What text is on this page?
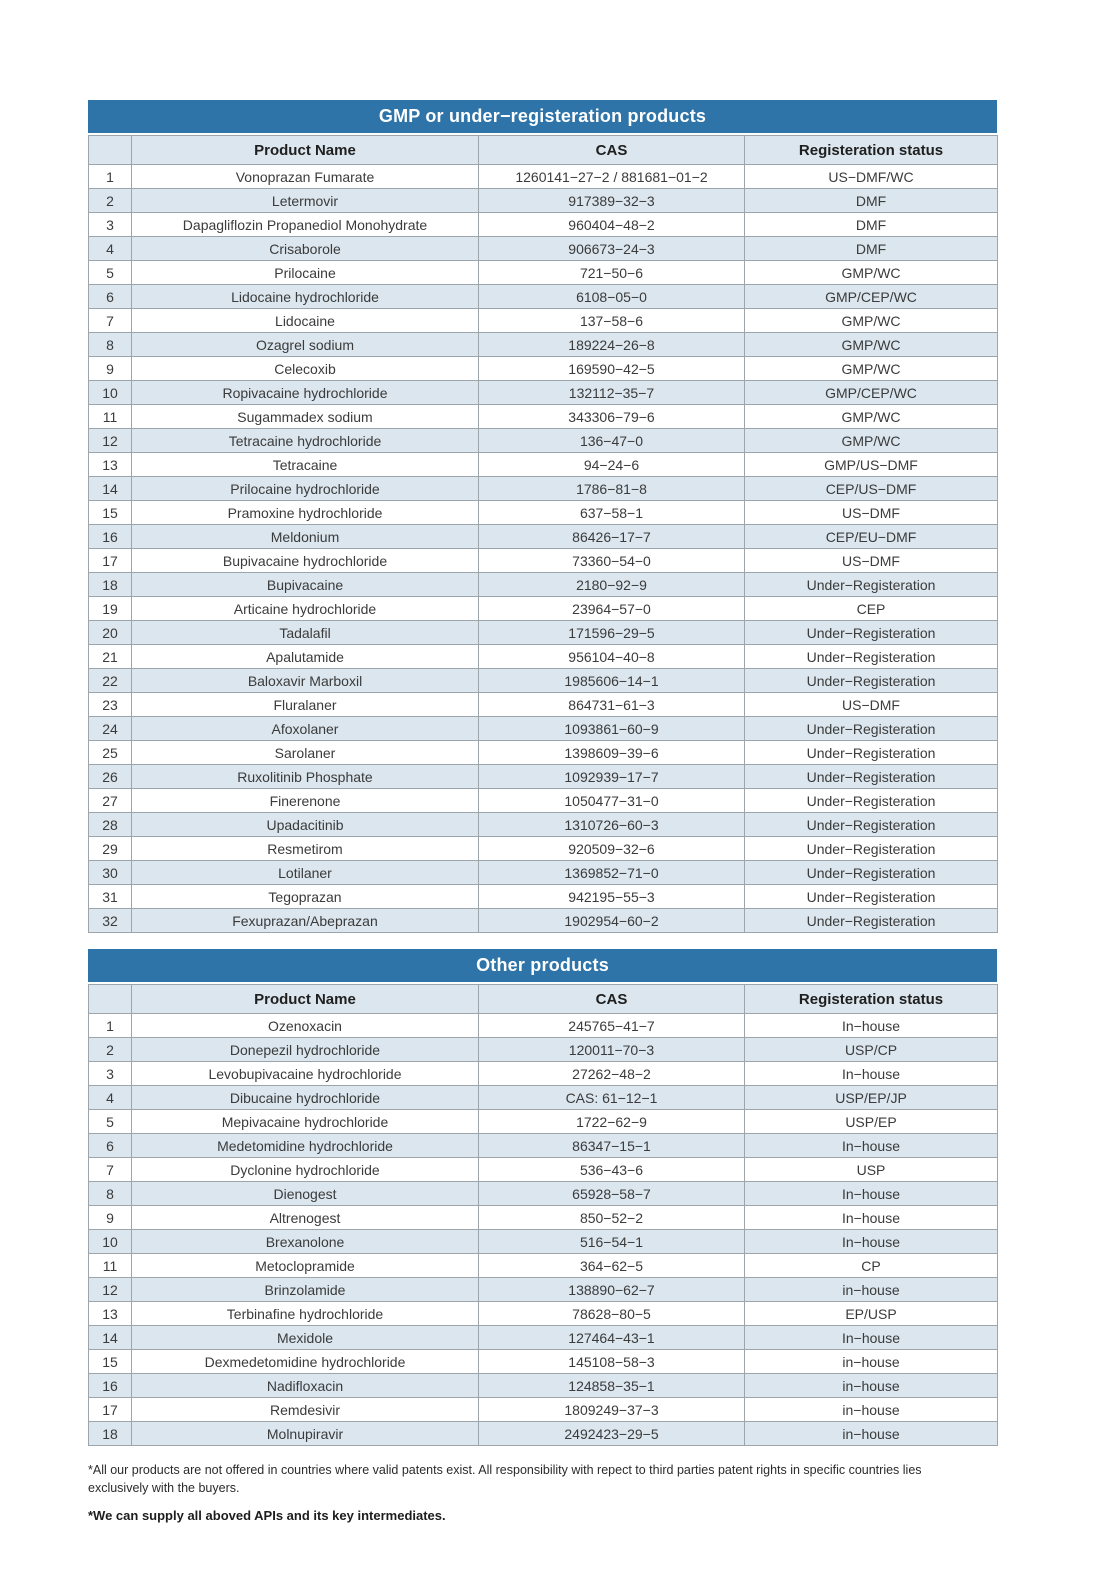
GMP or under−registeration products
	Product Name	CAS	Registeration status
1	Vonoprazan Fumarate	1260141−27−2 / 881681−01−2	US−DMF/WC
2	Letermovir	917389−32−3	DMF
3	Dapagliflozin Propanediol Monohydrate	960404−48−2	DMF
4	Crisaborole	906673−24−3	DMF
5	Prilocaine	721−50−6	GMP/WC
6	Lidocaine hydrochloride	6108−05−0	GMP/CEP/WC
7	Lidocaine	137−58−6	GMP/WC
8	Ozagrel sodium	189224−26−8	GMP/WC
9	Celecoxib	169590−42−5	GMP/WC
10	Ropivacaine hydrochloride	132112−35−7	GMP/CEP/WC
11	Sugammadex sodium	343306−79−6	GMP/WC
12	Tetracaine hydrochloride	136−47−0	GMP/WC
13	Tetracaine	94−24−6	GMP/US−DMF
14	Prilocaine hydrochloride	1786−81−8	CEP/US−DMF
15	Pramoxine hydrochloride	637−58−1	US−DMF
16	Meldonium	86426−17−7	CEP/EU−DMF
17	Bupivacaine hydrochloride	73360−54−0	US−DMF
18	Bupivacaine	2180−92−9	Under−Registeration
19	Articaine hydrochloride	23964−57−0	CEP
20	Tadalafil	171596−29−5	Under−Registeration
21	Apalutamide	956104−40−8	Under−Registeration
22	Baloxavir Marboxil	1985606−14−1	Under−Registeration
23	Fluralaner	864731−61−3	US−DMF
24	Afoxolaner	1093861−60−9	Under−Registeration
25	Sarolaner	1398609−39−6	Under−Registeration
26	Ruxolitinib Phosphate	1092939−17−7	Under−Registeration
27	Finerenone	1050477−31−0	Under−Registeration
28	Upadacitinib	1310726−60−3	Under−Registeration
29	Resmetirom	920509−32−6	Under−Registeration
30	Lotilaner	1369852−71−0	Under−Registeration
31	Tegoprazan	942195−55−3	Under−Registeration
32	Fexuprazan/Abeprazan	1902954−60−2	Under−Registeration
Other products
	Product Name	CAS	Registeration status
1	Ozenoxacin	245765−41−7	In−house
2	Donepezil hydrochloride	120011−70−3	USP/CP
3	Levobupivacaine hydrochloride	27262−48−2	In−house
4	Dibucaine hydrochloride	CAS: 61−12−1	USP/EP/JP
5	Mepivacaine hydrochloride	1722−62−9	USP/EP
6	Medetomidine hydrochloride	86347−15−1	In−house
7	Dyclonine hydrochloride	536−43−6	USP
8	Dienogest	65928−58−7	In−house
9	Altrenogest	850−52−2	In−house
10	Brexanolone	516−54−1	In−house
11	Metoclopramide	364−62−5	CP
12	Brinzolamide	138890−62−7	in−house
13	Terbinafine hydrochloride	78628−80−5	EP/USP
14	Mexidole	127464−43−1	In−house
15	Dexmedetomidine hydrochloride	145108−58−3	in−house
16	Nadifloxacin	124858−35−1	in−house
17	Remdesivir	1809249−37−3	in−house
18	Molnupiravir	2492423−29−5	in−house
*All our products are not offered in countries where valid patents exist. All responsibility with repect to third parties patent rights in specific countries lies exclusively with the buyers.
*We can supply all aboved APIs and its key intermediates.
